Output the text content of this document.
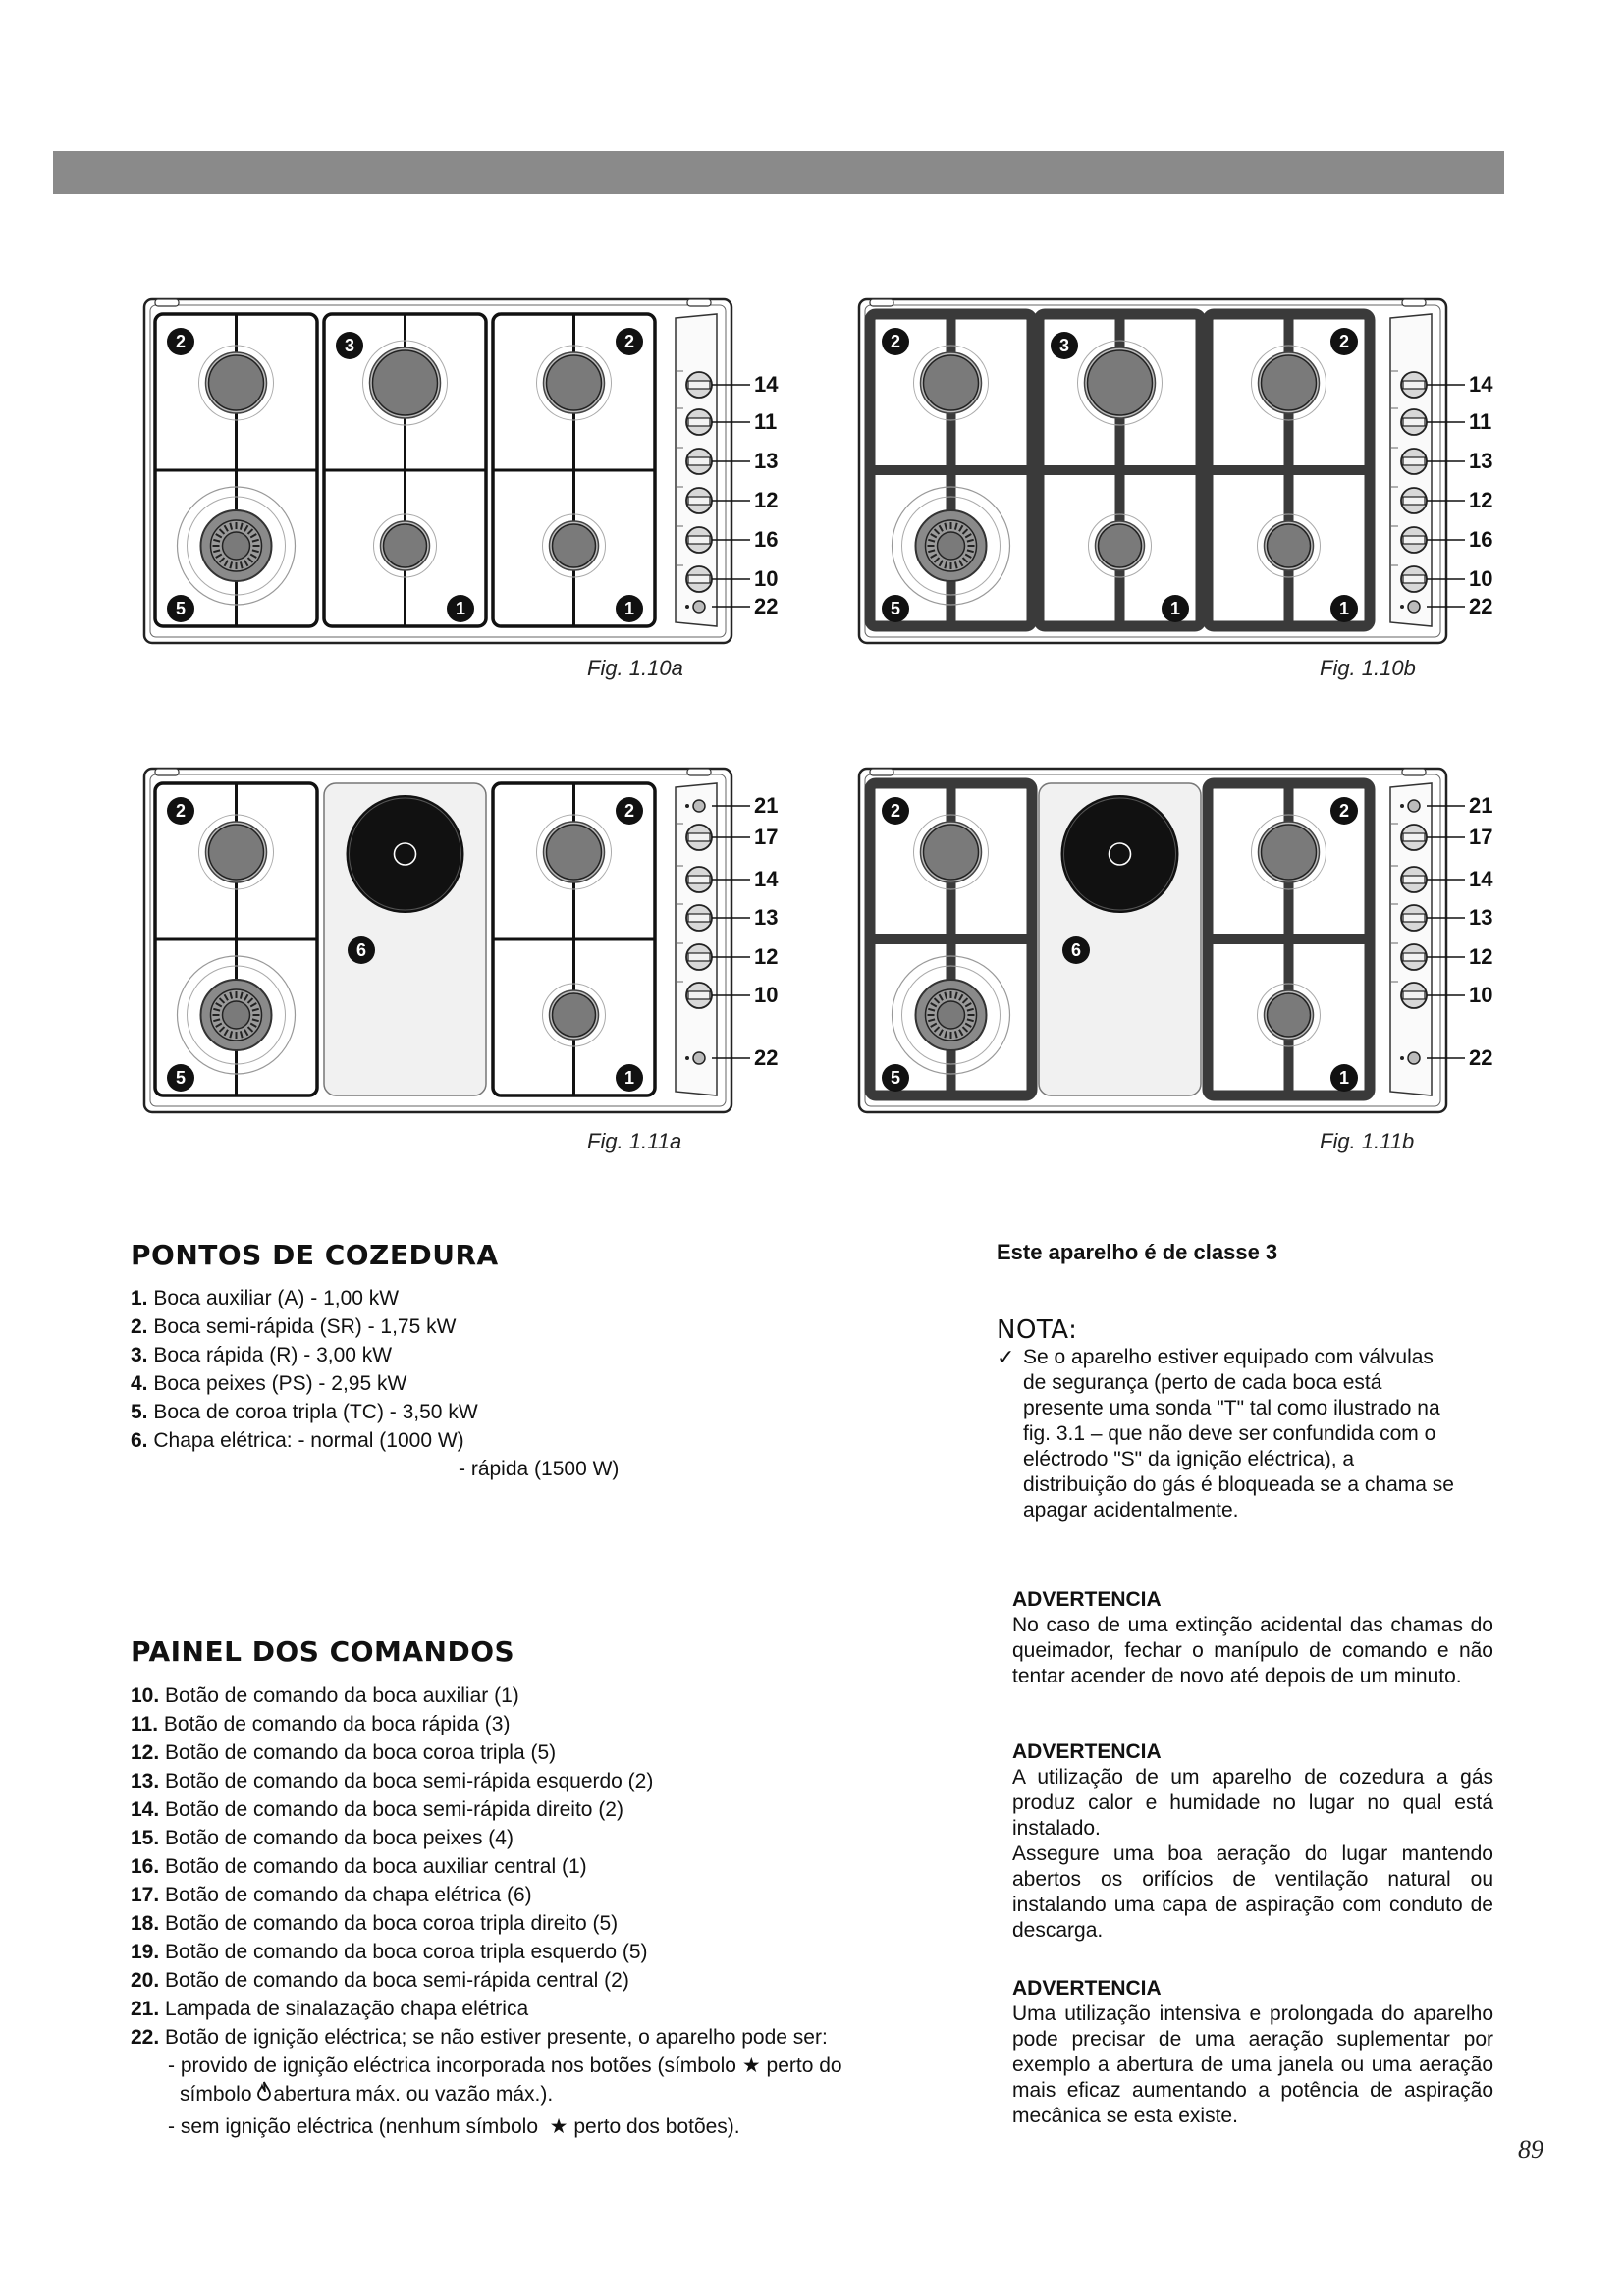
2
5
3
1
2
1
14
11
13
12
16
10
22
Fig. 1.10a
2
5
3
1
2
1
14
11
13
12
16
10
22
Fig. 1.10b
2
5
6
2
1
21
17
14
13
12
10
22
Fig. 1.11a
2
5
6
2
1
21
17
14
13
12
10
22
Fig. 1.11b
PONTOS DE COZEDURA
1. Boca auxiliar (A) - 1,00 kW
2. Boca semi-rápida (SR) - 1,75 kW
3. Boca rápida (R) - 3,00 kW
4. Boca peixes (PS) - 2,95 kW
5. Boca de coroa tripla (TC) - 3,50 kW
6. Chapa elétrica: - normal (1000 W)
- rápida (1500 W)
PAINEL DOS COMANDOS
10. Botão de comando da boca auxiliar (1)
11. Botão de comando da boca rápida (3)
12. Botão de comando da boca coroa tripla (5)
13. Botão de comando da boca semi-rápida esquerdo (2)
14. Botão de comando da boca semi-rápida direito (2)
15. Botão de comando da boca peixes (4)
16. Botão de comando da boca auxiliar central (1)
17. Botão de comando da chapa elétrica (6)
18. Botão de comando da boca coroa tripla direito (5)
19. Botão de comando da boca coroa tripla esquerdo (5)
20. Botão de comando da boca semi-rápida central (2)
21. Lampada de sinalazação chapa elétrica
22. Botão de ignição eléctrica; se não estiver presente, o aparelho pode ser:
- provido de ignição eléctrica incorporada nos botões (símbolo ★ perto do
símbolo abertura máx. ou vazão máx.).
- sem ignição eléctrica (nenhum símbolo  ★ perto dos botões).
Este aparelho é de classe 3
NOTA:
✓ Se o aparelho estiver equipado com válvulas
de segurança (perto de cada boca está
presente uma sonda "T" tal como ilustrado na
fig. 3.1 – que não deve ser confundida com o
eléctrodo "S" da ignição eléctrica), a
distribuição do gás é bloqueada se a chama se
apagar acidentalmente.
ADVERTENCIA
No caso de uma extinção acidental das chamas do queimador, fechar o manípulo de comando e não tentar acender de novo até depois de um minuto.
ADVERTENCIA
A utilização de um aparelho de cozedura a gás produz calor e humidade no lugar no qual está instalado.
Assegure uma boa aeração do lugar mantendo abertos os orifícios de ventilação natural ou instalando uma capa de aspiração com conduto de descarga.
ADVERTENCIA
Uma utilização intensiva e prolongada do aparelho pode precisar de uma aeração suplementar por exemplo a abertura de uma janela ou uma aeração mais eficaz aumentando a potência de aspiração mecânica se esta existe.
89
